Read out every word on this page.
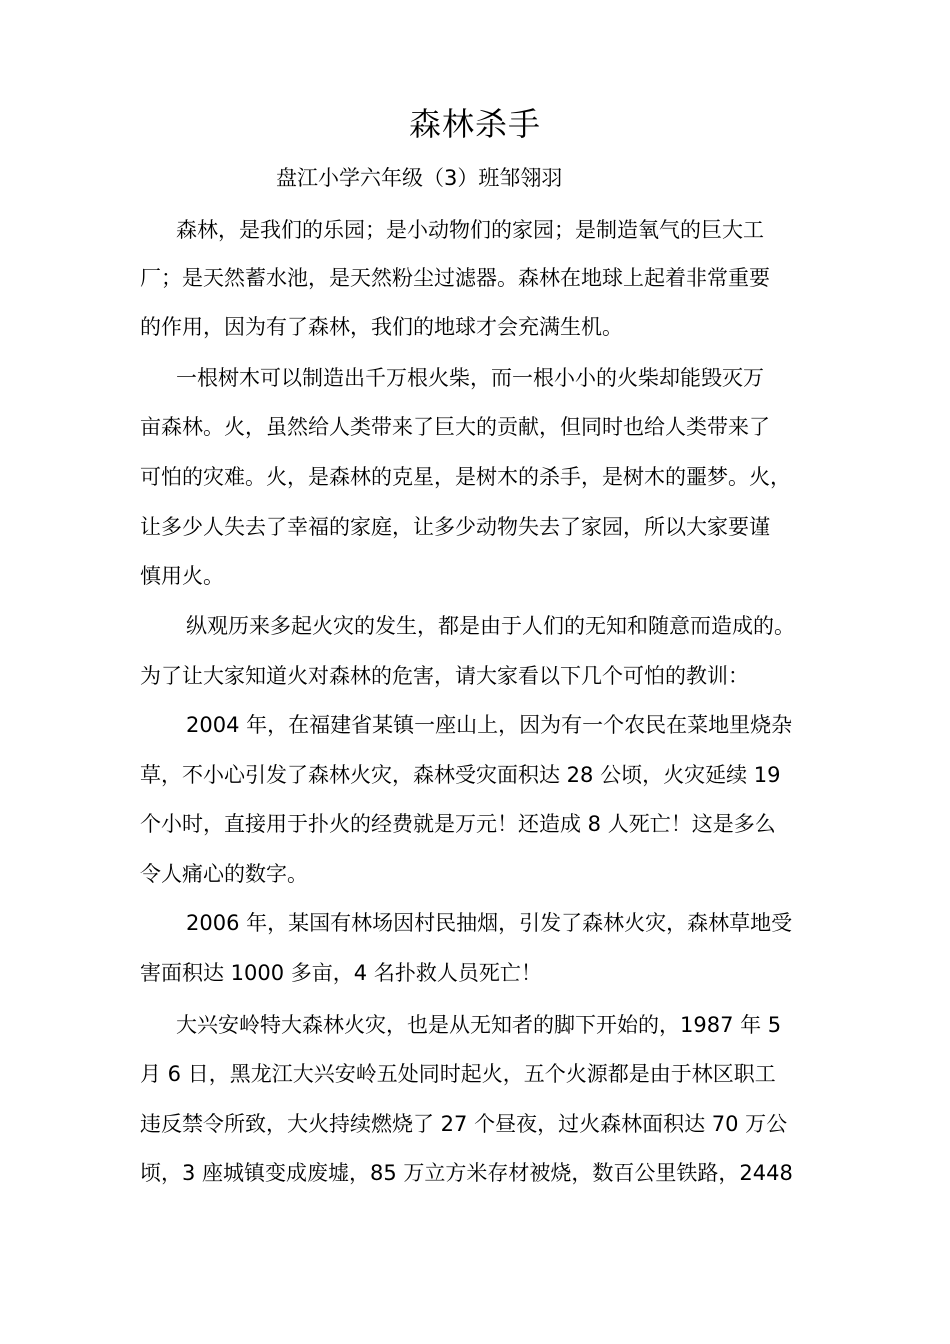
森林杀手

盘江小学六年级（3）班邹翎羽

森林，是我们的乐园；是小动物们的家园；是制造氧气的巨大工

厂；是天然蓄水池，是天然粉尘过滤器。森林在地球上起着非常重要

的作用，因为有了森林，我们的地球才会充满生机。

一根树木可以制造出千万根火柴，而一根小小的火柴却能毁灭万

亩森林。火，虽然给人类带来了巨大的贡献，但同时也给人类带来了

可怕的灾难。火，是森林的克星，是树木的杀手，是树木的噩梦。火，

让多少人失去了幸福的家庭，让多少动物失去了家园，所以大家要谨

慎用火。

纵观历来多起火灾的发生，都是由于人们的无知和随意而造成的。

为了让大家知道火对森林的危害，请大家看以下几个可怕的教训：

2004 年，在福建省某镇一座山上，因为有一个农民在菜地里烧杂

草，不小心引发了森林火灾，森林受灾面积达 28 公顷，火灾延续 19

个小时，直接用于扑火的经费就是万元！还造成 8 人死亡！这是多么

令人痛心的数字。

2006 年，某国有林场因村民抽烟，引发了森林火灾，森林草地受

害面积达 1000 多亩，4 名扑救人员死亡！

大兴安岭特大森林火灾，也是从无知者的脚下开始的，1987 年 5

月 6 日，黑龙江大兴安岭五处同时起火，五个火源都是由于林区职工

违反禁令所致，大火持续燃烧了 27 个昼夜，过火森林面积达 70 万公

顷，3 座城镇变成废墟，85 万立方米存材被烧，数百公里铁路，2448
